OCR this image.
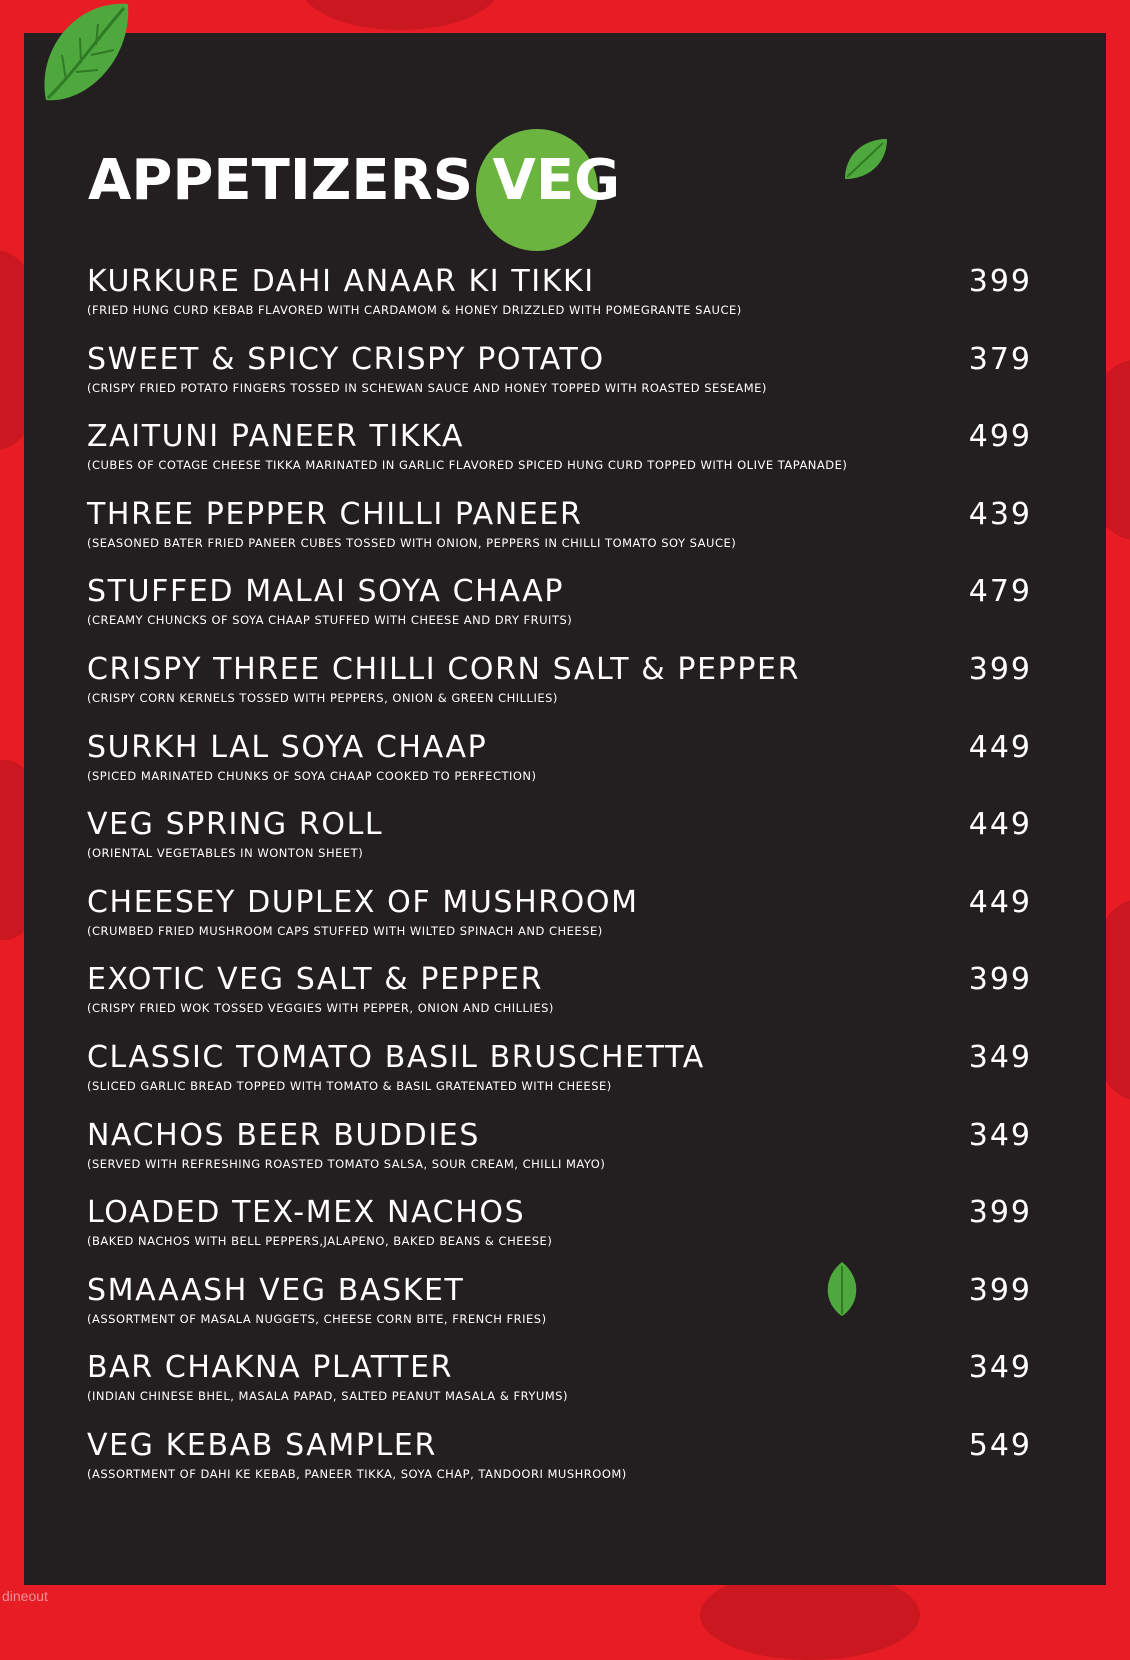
APPETIZERS VEG
KURKURE DAHI ANAAR KI TIKKI
(FRIED HUNG CURD KEBAB FLAVORED WITH CARDAMOM & HONEY DRIZZLED WITH POMEGRANTE SAUCE)
399
SWEET & SPICY CRISPY POTATO
(CRISPY FRIED POTATO FINGERS TOSSED IN SCHEWAN SAUCE AND HONEY TOPPED WITH ROASTED SESEAME)
379
ZAITUNI PANEER TIKKA
(CUBES OF COTAGE CHEESE TIKKA MARINATED IN GARLIC FLAVORED SPICED HUNG CURD TOPPED WITH OLIVE TAPANADE)
499
THREE PEPPER CHILLI PANEER
(SEASONED BATER FRIED PANEER CUBES TOSSED WITH ONION, PEPPERS IN CHILLI TOMATO SOY SAUCE)
439
STUFFED MALAI SOYA CHAAP
(CREAMY CHUNCKS OF SOYA CHAAP STUFFED WITH CHEESE AND DRY FRUITS)
479
CRISPY THREE CHILLI CORN SALT & PEPPER
(CRISPY CORN KERNELS TOSSED WITH PEPPERS, ONION & GREEN CHILLIES)
399
SURKH LAL SOYA CHAAP
(SPICED MARINATED CHUNKS OF SOYA CHAAP COOKED TO PERFECTION)
449
VEG SPRING ROLL
(ORIENTAL VEGETABLES IN WONTON SHEET)
449
CHEESEY DUPLEX OF MUSHROOM
(CRUMBED FRIED MUSHROOM CAPS STUFFED WITH WILTED SPINACH AND CHEESE)
449
EXOTIC VEG SALT & PEPPER
(CRISPY FRIED WOK TOSSED VEGGIES WITH PEPPER, ONION AND CHILLIES)
399
CLASSIC TOMATO BASIL BRUSCHETTA
(SLICED GARLIC BREAD TOPPED WITH TOMATO & BASIL GRATENATED WITH CHEESE)
349
NACHOS BEER BUDDIES
(SERVED WITH REFRESHING ROASTED TOMATO SALSA, SOUR CREAM, CHILLI MAYO)
349
LOADED TEX-MEX NACHOS
(BAKED NACHOS WITH BELL PEPPERS,JALAPENO, BAKED BEANS & CHEESE)
399
SMAAASH VEG BASKET
(ASSORTMENT OF MASALA NUGGETS, CHEESE CORN BITE, FRENCH FRIES)
399
BAR CHAKNA PLATTER
(INDIAN CHINESE BHEL, MASALA PAPAD, SALTED PEANUT MASALA & FRYUMS)
349
VEG KEBAB SAMPLER
(ASSORTMENT OF DAHI KE KEBAB, PANEER TIKKA, SOYA CHAP, TANDOORI MUSHROOM)
549
dineout
